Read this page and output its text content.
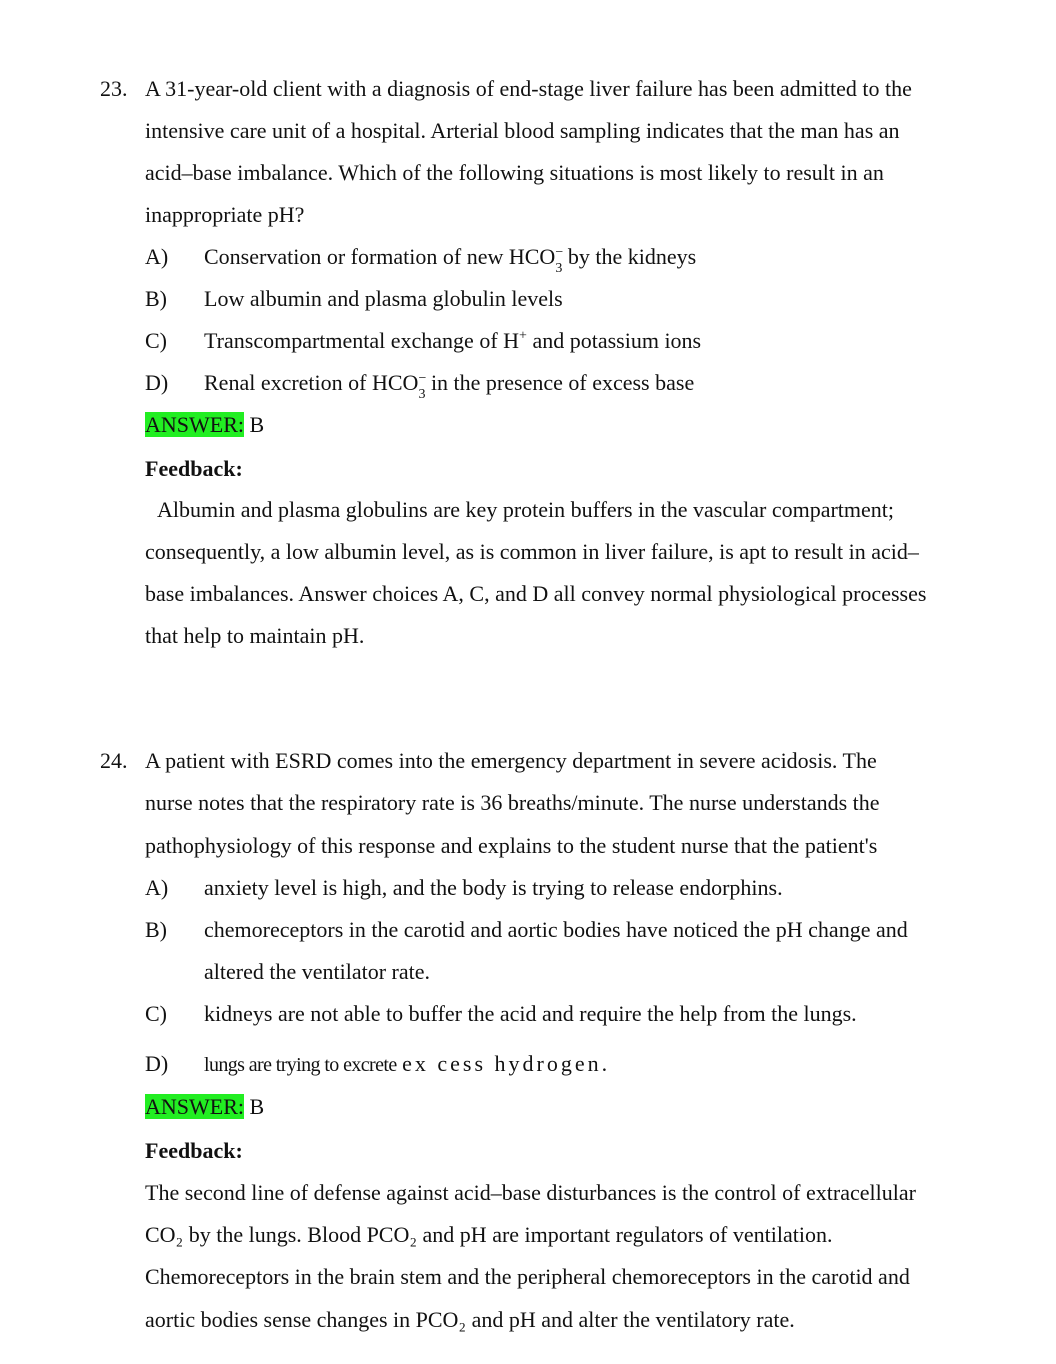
23. A 31-year-old client with a diagnosis of end-stage liver failure has been admitted to the
intensive care unit of a hospital. Arterial blood sampling indicates that the man has an
acid–base imbalance. Which of the following situations is most likely to result in an
inappropriate pH?
A) Conservation or formation of new HCO −
$_3$ by the kidneys
B) Low albumin and plasma globulin levels
C) Transcompartmental exchange of H+ and potassium ions
D) Renal excretion of HCO −
$_3$ in the presence of excess base
ANSWER: B
Feedback:
Albumin and plasma globulins are key protein buffers in the vascular compartment;
consequently, a low albumin level, as is common in liver failure, is apt to result in acid–
base imbalances. Answer choices A, C, and D all convey normal physiological processes
that help to maintain pH.
24. A patient with ESRD comes into the emergency department in severe acidosis. The
nurse notes that the respiratory rate is 36 breaths/minute. The nurse understands the
pathophysiology of this response and explains to the student nurse that the patient's
A) anxiety level is high, and the body is trying to release endorphins.
B) chemoreceptors in the carotid and aortic bodies have noticed the pH change and
altered the ventilator rate.
C) kidneys are not able to buffer the acid and require the help from the lungs.
D) lungs are trying to excrete ex cess hydrogen.
ANSWER: B
Feedback:
The second line of defense against acid–base disturbances is the control of extracellular
CO₂ by the lungs. Blood PCO₂ and pH are important regulators of ventilation.
Chemoreceptors in the brain stem and the peripheral chemoreceptors in the carotid and
aortic bodies sense changes in PCO₂ and pH and alter the ventilatory rate.
